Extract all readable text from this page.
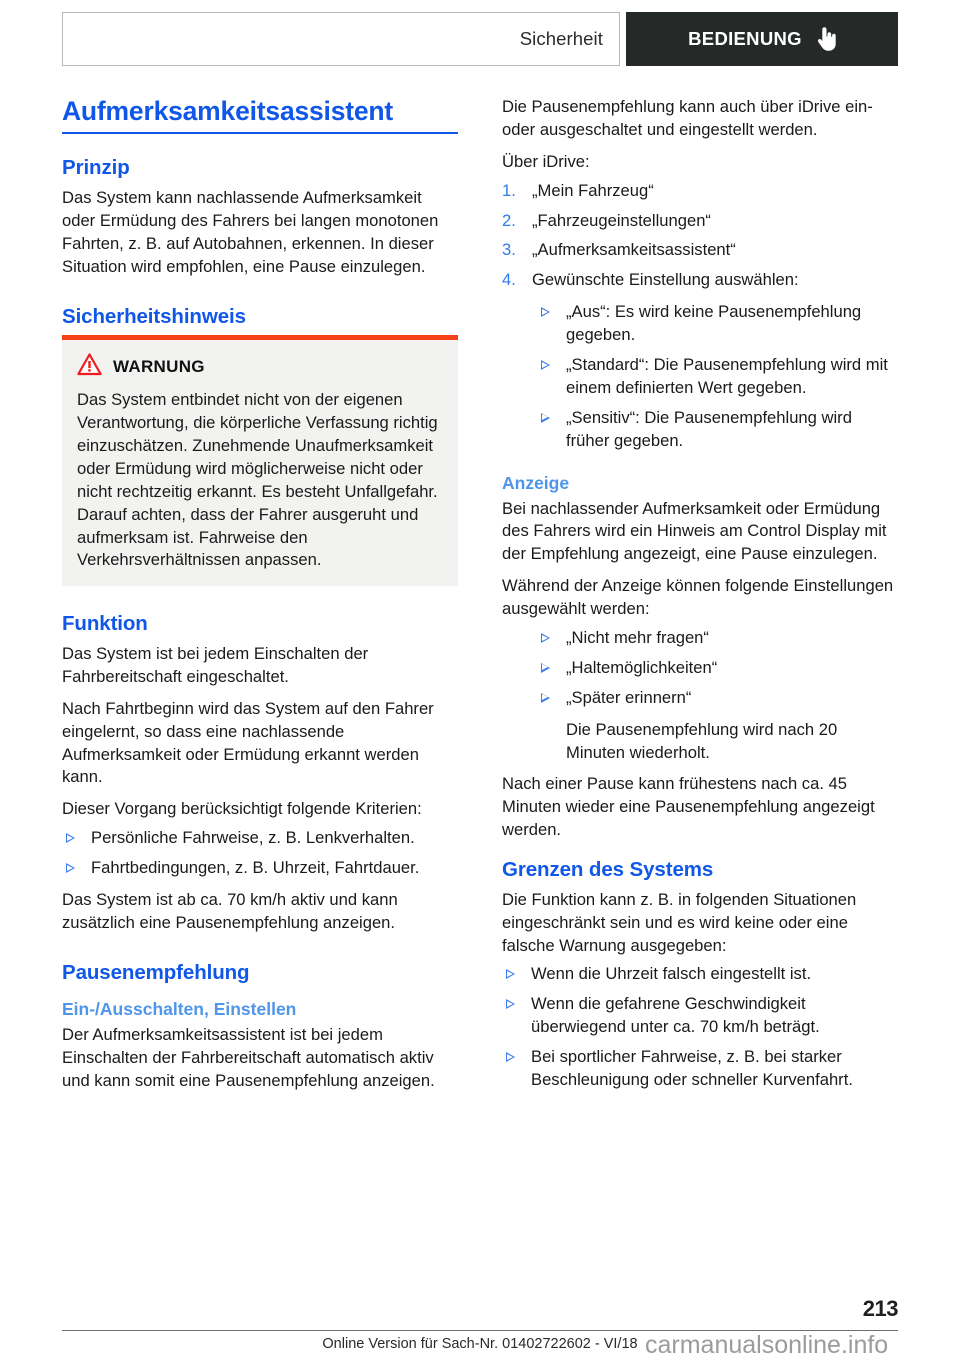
Sicherheit	BEDIENUNG
Aufmerksamkeitsassistent
Prinzip

Das System kann nachlassende Aufmerksamkeit oder Ermüdung des Fahrers bei langen monotonen Fahrten, z. B. auf Autobahnen, erkennen. In dieser Situation wird empfohlen, eine Pause einzulegen.

Sicherheitshinweis
WARNUNG

Das System entbindet nicht von der eigenen Verantwortung, die körperliche Verfassung richtig einzuschätzen. Zunehmende Unaufmerksamkeit oder Ermüdung wird möglicherweise nicht oder nicht rechtzeitig erkannt. Es besteht Unfallgefahr. Darauf achten, dass der Fahrer ausgeruht und aufmerksam ist. Fahrweise den Verkehrsverhältnissen anpassen.

Funktion

Das System ist bei jedem Einschalten der Fahrbereitschaft eingeschaltet.

Nach Fahrtbeginn wird das System auf den Fahrer eingelernt, so dass eine nachlassende Aufmerksamkeit oder Ermüdung erkannt werden kann.

Dieser Vorgang berücksichtigt folgende Kriterien:

Persönliche Fahrweise, z. B. Lenkverhalten.
Fahrtbedingungen, z. B. Uhrzeit, Fahrtdauer.

Das System ist ab ca. 70 km/h aktiv und kann zusätzlich eine Pausenempfehlung anzeigen.

Pausenempfehlung
Ein-/Ausschalten, Einstellen

Der Aufmerksamkeitsassistent ist bei jedem Einschalten der Fahrbereitschaft automatisch aktiv und kann somit eine Pausenempfehlung anzeigen.

Die Pausenempfehlung kann auch über iDrive ein- oder ausgeschaltet und eingestellt werden.

Über iDrive:

1. „Mein Fahrzeug“
2. „Fahrzeugeinstellungen“
3. „Aufmerksamkeitsassistent“
4. Gewünschte Einstellung auswählen:
„Aus“: Es wird keine Pausenempfehlung gegeben.
„Standard“: Die Pausenempfehlung wird mit einem definierten Wert gegeben.
„Sensitiv“: Die Pausenempfehlung wird früher gegeben.
Anzeige

Bei nachlassender Aufmerksamkeit oder Ermüdung des Fahrers wird ein Hinweis am Control Display mit der Empfehlung angezeigt, eine Pause einzulegen.

Während der Anzeige können folgende Einstellungen ausgewählt werden:

„Nicht mehr fragen“
„Haltemöglichkeiten“
„Später erinnern“

Die Pausenempfehlung wird nach 20 Minuten wiederholt.

Nach einer Pause kann frühestens nach ca. 45 Minuten wieder eine Pausenempfehlung angezeigt werden.

Grenzen des Systems

Die Funktion kann z. B. in folgenden Situationen eingeschränkt sein und es wird keine oder eine falsche Warnung ausgegeben:

Wenn die Uhrzeit falsch eingestellt ist.
Wenn die gefahrene Geschwindigkeit überwiegend unter ca. 70 km/h beträgt.
Bei sportlicher Fahrweise, z. B. bei starker Beschleunigung oder schneller Kurvenfahrt.
213
Online Version für Sach-Nr. 01402722602 - VI/18 carmanualsonline.info
